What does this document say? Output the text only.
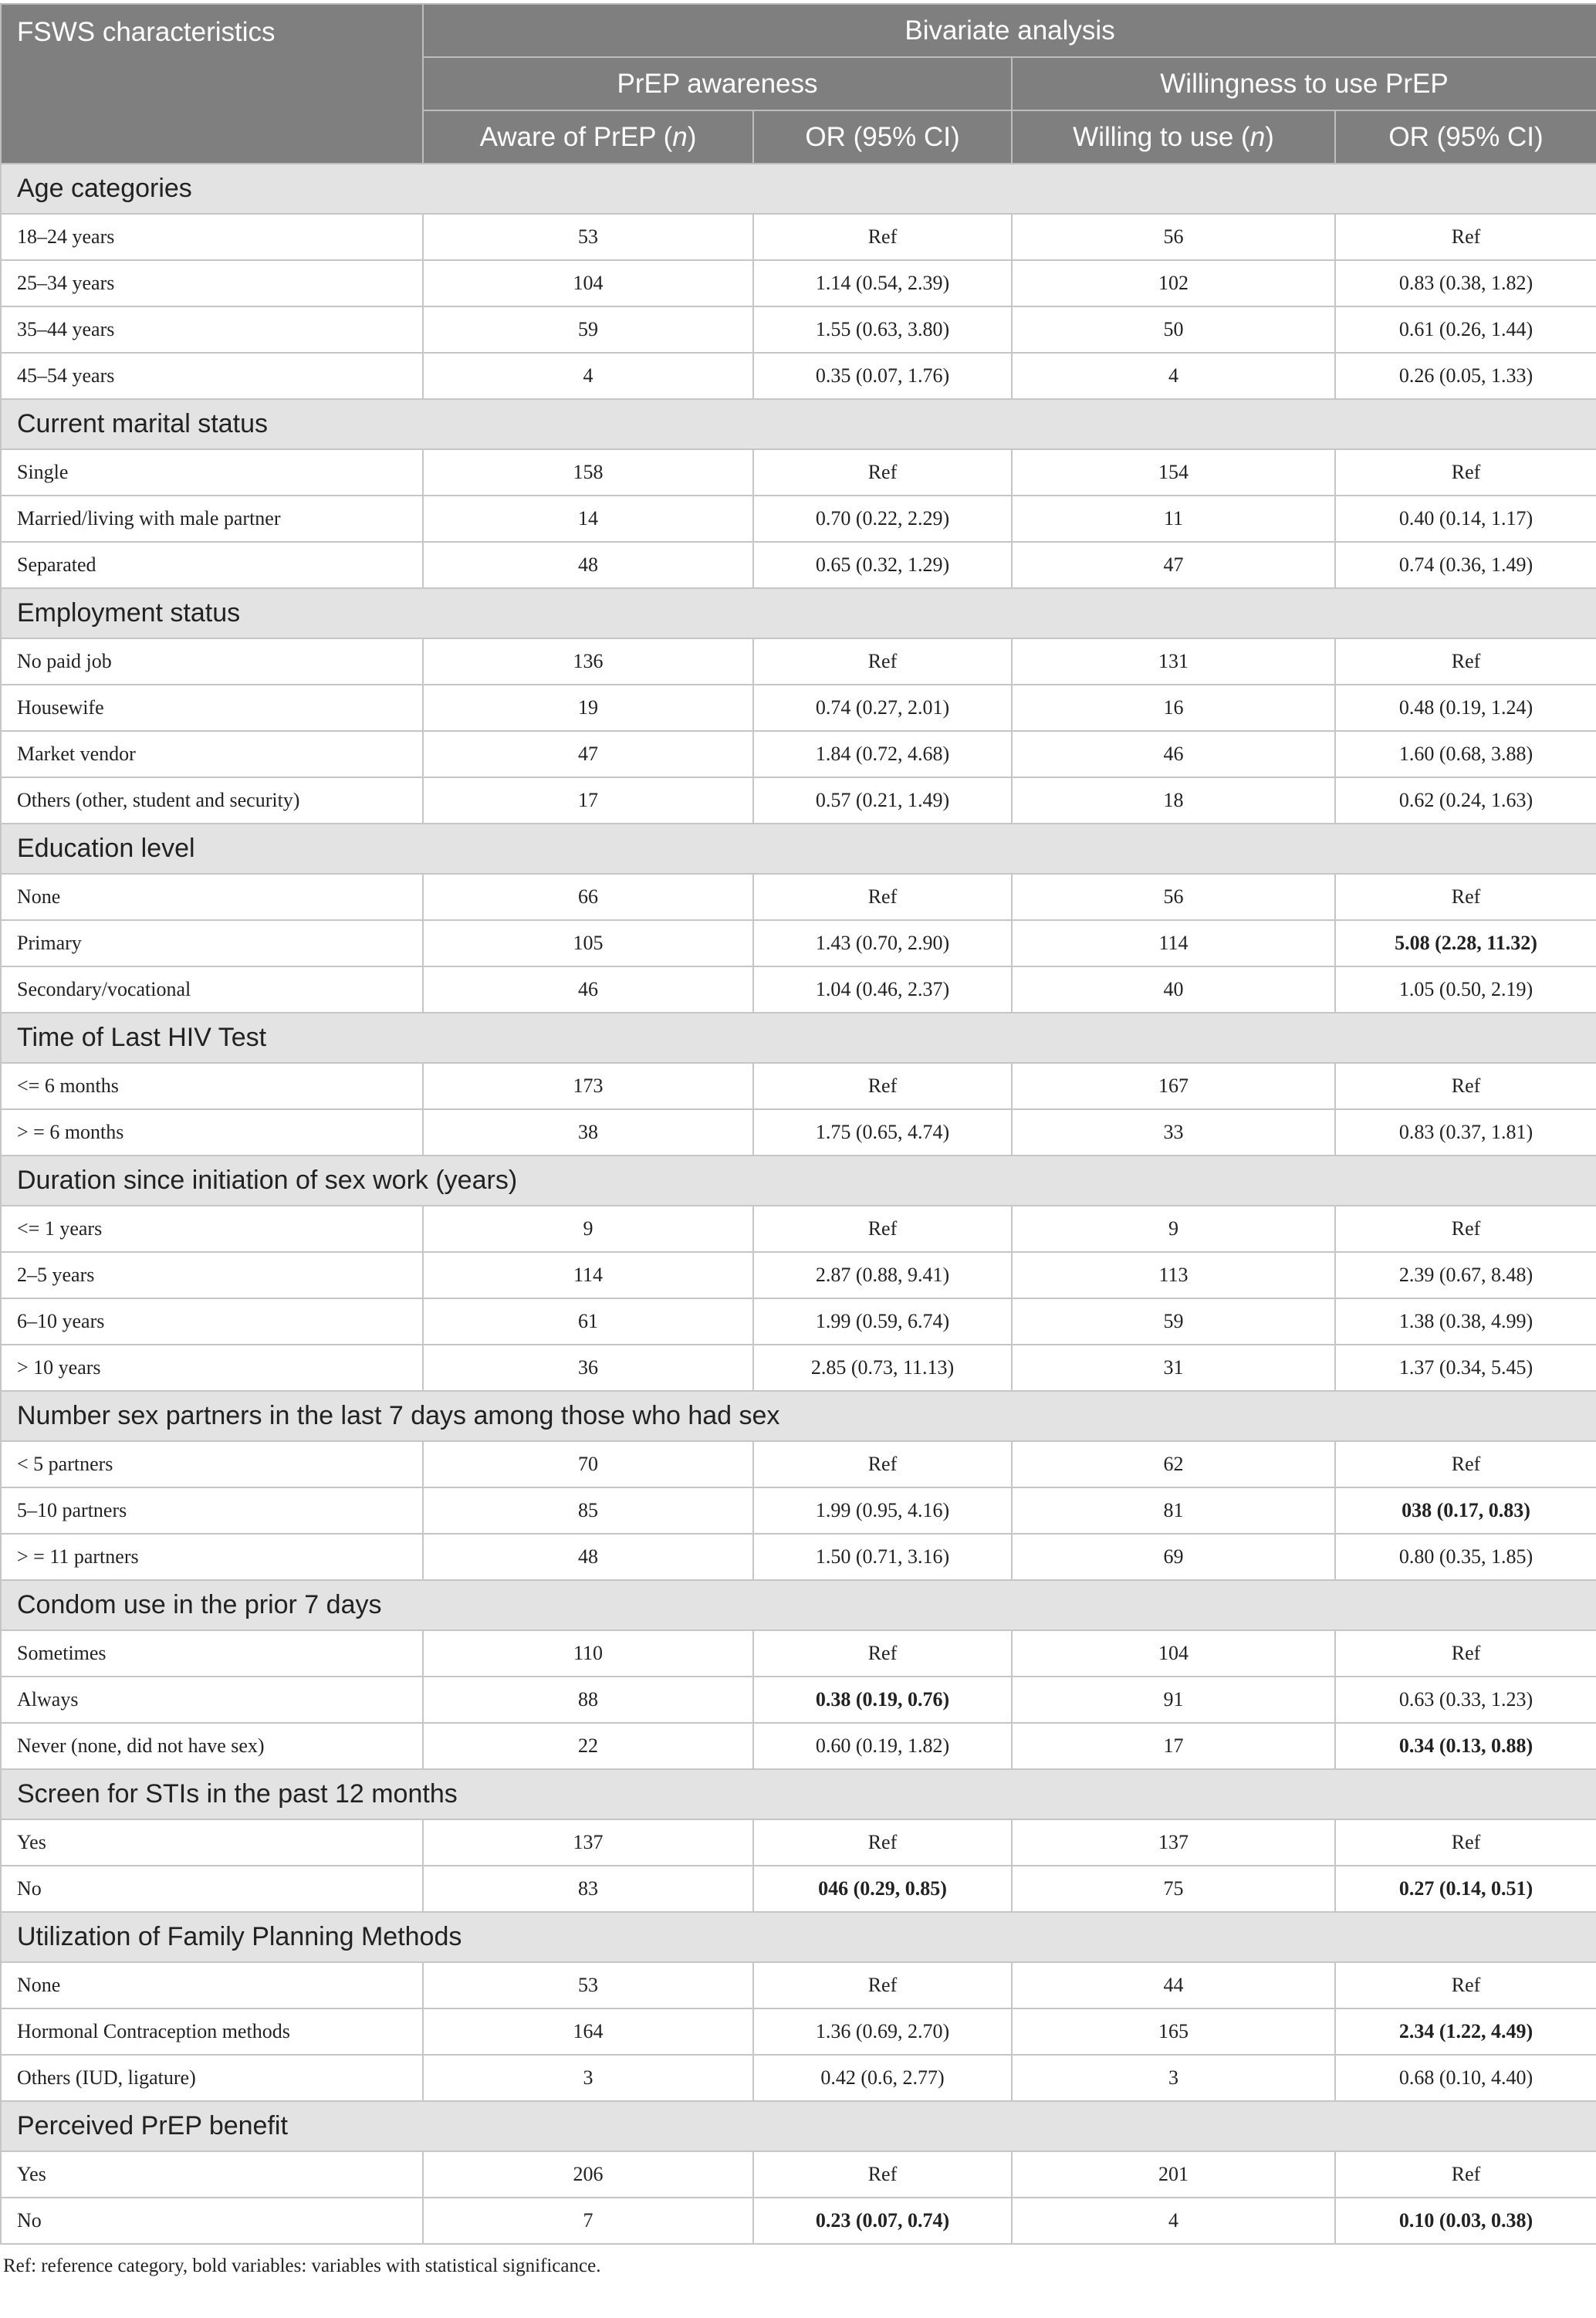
FSWS characteristics	Bivariate analysis			
	PrEP awareness		Willingness to use PrEP	
	Aware of PrEP (n)	OR (95% CI)	Willing to use (n)	OR (95% CI)
Age categories				
18–24 years	53	Ref	56	Ref
25–34 years	104	1.14 (0.54, 2.39)	102	0.83 (0.38, 1.82)
35–44 years	59	1.55 (0.63, 3.80)	50	0.61 (0.26, 1.44)
45–54 years	4	0.35 (0.07, 1.76)	4	0.26 (0.05, 1.33)
Current marital status				
Single	158	Ref	154	Ref
Married/living with male partner	14	0.70 (0.22, 2.29)	11	0.40 (0.14, 1.17)
Separated	48	0.65 (0.32, 1.29)	47	0.74 (0.36, 1.49)
Employment status				
No paid job	136	Ref	131	Ref
Housewife	19	0.74 (0.27, 2.01)	16	0.48 (0.19, 1.24)
Market vendor	47	1.84 (0.72, 4.68)	46	1.60 (0.68, 3.88)
Others (other, student and security)	17	0.57 (0.21, 1.49)	18	0.62 (0.24, 1.63)
Education level				
None	66	Ref	56	Ref
Primary	105	1.43 (0.70, 2.90)	114	5.08 (2.28, 11.32)
Secondary/vocational	46	1.04 (0.46, 2.37)	40	1.05 (0.50, 2.19)
Time of Last HIV Test				
<= 6 months	173	Ref	167	Ref
> = 6 months	38	1.75 (0.65, 4.74)	33	0.83 (0.37, 1.81)
Duration since initiation of sex work (years)				
<= 1 years	9	Ref	9	Ref
2–5 years	114	2.87 (0.88, 9.41)	113	2.39 (0.67, 8.48)
6–10 years	61	1.99 (0.59, 6.74)	59	1.38 (0.38, 4.99)
> 10 years	36	2.85 (0.73, 11.13)	31	1.37 (0.34, 5.45)
Number sex partners in the last 7 days among those who had sex				
< 5 partners	70	Ref	62	Ref
5–10 partners	85	1.99 (0.95, 4.16)	81	038 (0.17, 0.83)
> = 11 partners	48	1.50 (0.71, 3.16)	69	0.80 (0.35, 1.85)
Condom use in the prior 7 days				
Sometimes	110	Ref	104	Ref
Always	88	0.38 (0.19, 0.76)	91	0.63 (0.33, 1.23)
Never (none, did not have sex)	22	0.60 (0.19, 1.82)	17	0.34 (0.13, 0.88)
Screen for STIs in the past 12 months				
Yes	137	Ref	137	Ref
No	83	046 (0.29, 0.85)	75	0.27 (0.14, 0.51)
Utilization of Family Planning Methods				
None	53	Ref	44	Ref
Hormonal Contraception methods	164	1.36 (0.69, 2.70)	165	2.34 (1.22, 4.49)
Others (IUD, ligature)	3	0.42 (0.6, 2.77)	3	0.68 (0.10, 4.40)
Perceived PrEP benefit				
Yes	206	Ref	201	Ref
No	7	0.23 (0.07, 0.74)	4	0.10 (0.03, 0.38)
Ref: reference category, bold variables: variables with statistical significance.
